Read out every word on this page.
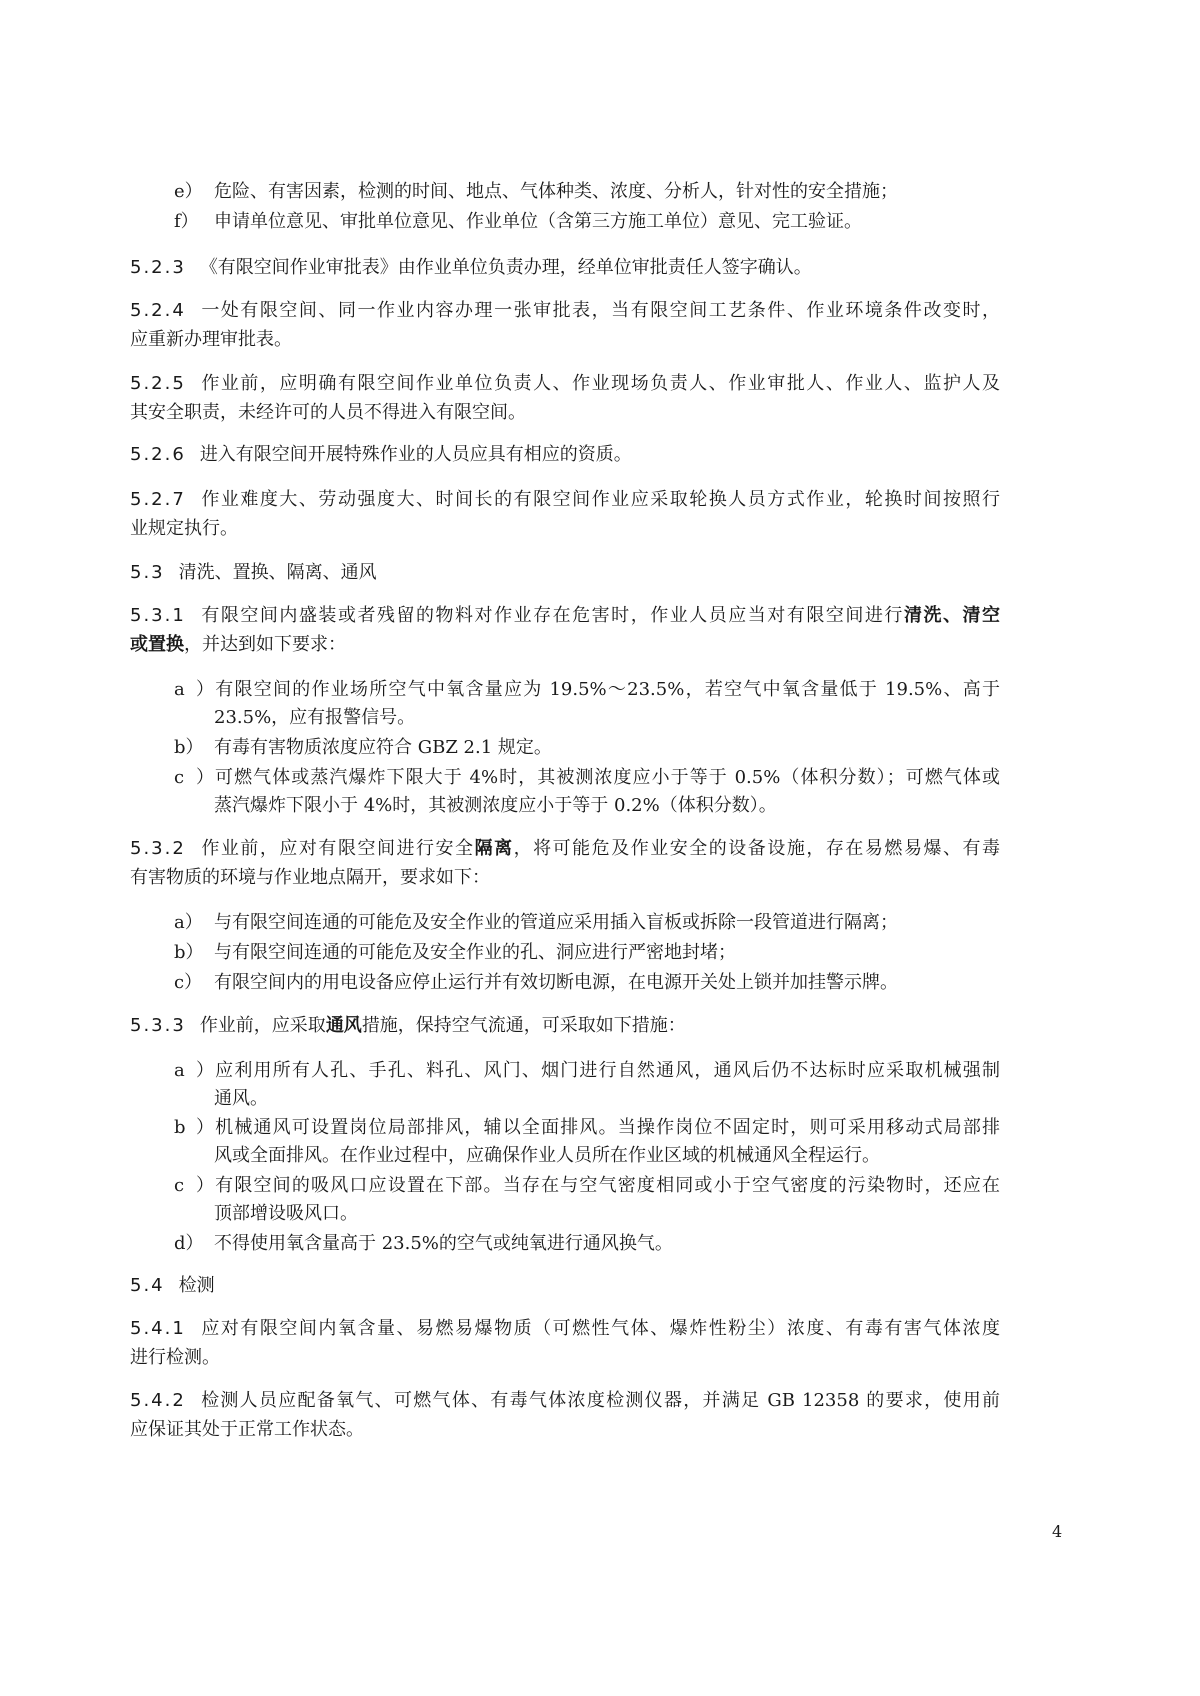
e） 危险、有害因素，检测的时间、地点、气体种类、浓度、分析人，针对性的安全措施；
f） 申请单位意见、审批单位意见、作业单位（含第三方施工单位）意见、完工验证。
5.2.3 《有限空间作业审批表》由作业单位负责办理，经单位审批责任人签字确认。
5.2.4 一处有限空间、同一作业内容办理一张审批表，当有限空间工艺条件、作业环境条件改变时，
应重新办理审批表。
5.2.5 作业前，应明确有限空间作业单位负责人、作业现场负责人、作业审批人、作业人、监护人及
其安全职责，未经许可的人员不得进入有限空间。
5.2.6 进入有限空间开展特殊作业的人员应具有相应的资质。
5.2.7 作业难度大、劳动强度大、时间长的有限空间作业应采取轮换人员方式作业，轮换时间按照行
业规定执行。
5.3 清洗、置换、隔离、通风
5.3.1 有限空间内盛装或者残留的物料对作业存在危害时，作业人员应当对有限空间进行清洗、清空
或置换，并达到如下要求：
a）有限空间的作业场所空气中氧含量应为 19.5%～23.5%，若空气中氧含量低于 19.5%、高于
23.5%，应有报警信号。
b） 有毒有害物质浓度应符合 GBZ 2.1 规定。
c）可燃气体或蒸汽爆炸下限大于 4%时，其被测浓度应小于等于 0.5%（体积分数）；可燃气体或
蒸汽爆炸下限小于 4%时，其被测浓度应小于等于 0.2%（体积分数）。
5.3.2 作业前，应对有限空间进行安全隔离，将可能危及作业安全的设备设施，存在易燃易爆、有毒
有害物质的环境与作业地点隔开，要求如下：
a） 与有限空间连通的可能危及安全作业的管道应采用插入盲板或拆除一段管道进行隔离；
b） 与有限空间连通的可能危及安全作业的孔、洞应进行严密地封堵；
c） 有限空间内的用电设备应停止运行并有效切断电源，在电源开关处上锁并加挂警示牌。
5.3.3 作业前，应采取通风措施，保持空气流通，可采取如下措施：
a）应利用所有人孔、手孔、料孔、风门、烟门进行自然通风，通风后仍不达标时应采取机械强制
通风。
b）机械通风可设置岗位局部排风，辅以全面排风。当操作岗位不固定时，则可采用移动式局部排
风或全面排风。在作业过程中，应确保作业人员所在作业区域的机械通风全程运行。
c）有限空间的吸风口应设置在下部。当存在与空气密度相同或小于空气密度的污染物时，还应在
顶部增设吸风口。
d） 不得使用氧含量高于 23.5%的空气或纯氧进行通风换气。
5.4 检测
5.4.1 应对有限空间内氧含量、易燃易爆物质（可燃性气体、爆炸性粉尘）浓度、有毒有害气体浓度
进行检测。
5.4.2 检测人员应配备氧气、可燃气体、有毒气体浓度检测仪器，并满足 GB 12358 的要求，使用前
应保证其处于正常工作状态。
4
